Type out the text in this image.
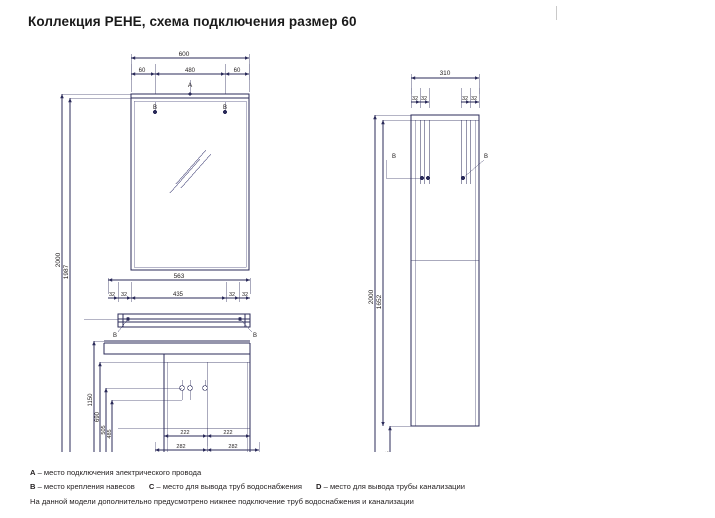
Коллекция РЕНЕ, схема подключения размер 60
600
60	480	60
A
B	B
563
32 32	435	32 32
B	B
222	222
282	282
2000
1987
1150
690
505 485
310
32 32	32 32
B	B
2000 1652
A – место подключения электрического провода
B – место крепления навесов C – место для вывода труб водоснабжения D – место для вывода трубы канализации
На данной модели дополнительно предусмотрено нижнее подключение труб водоснабжения и канализации
